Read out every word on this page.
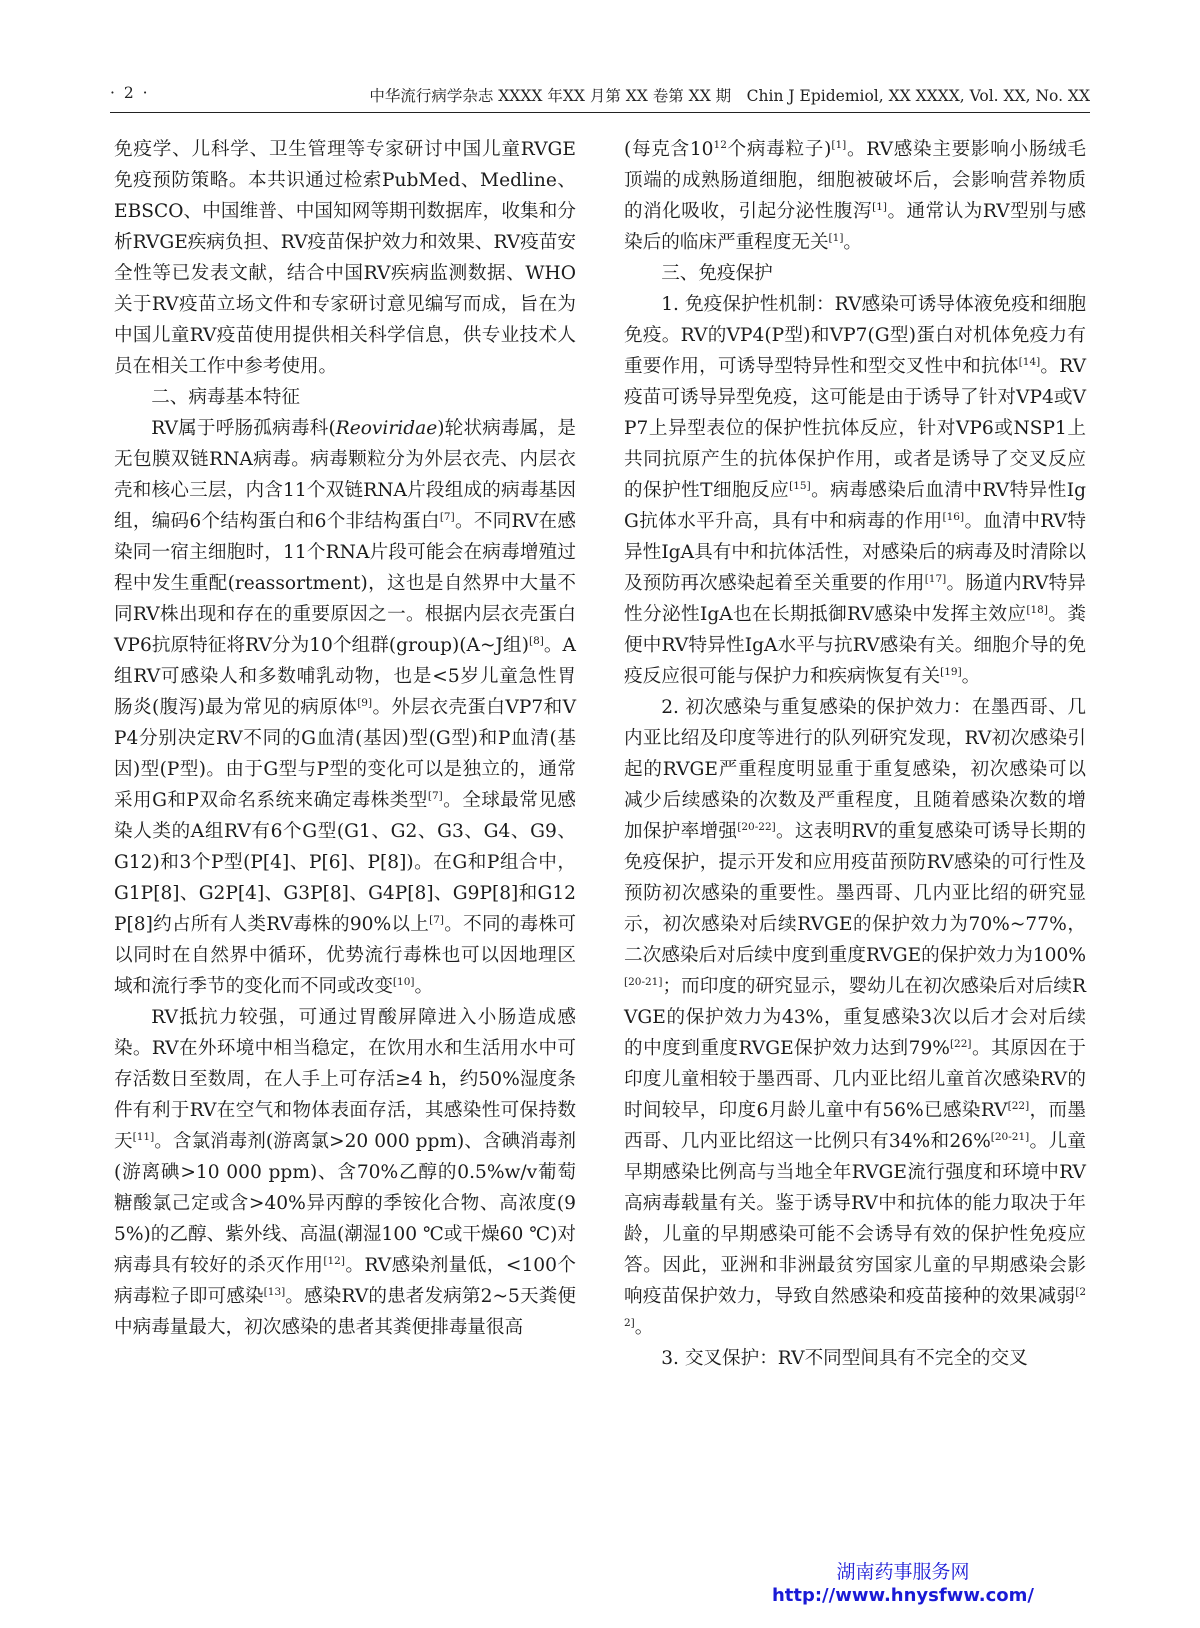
· 2 ·	中华流行病学杂志 XXXX 年XX 月第 XX 卷第 XX 期　Chin J Epidemiol, XX XXXX, Vol. XX, No. XX

免疫学、儿科学、卫生管理等专家研讨中国儿童RVGE免疫预防策略。本共识通过检索PubMed、Medline、EBSCO、中国维普、中国知网等期刊数据库，收集和分析RVGE疾病负担、RV疫苗保护效力和效果、RV疫苗安全性等已发表文献，结合中国RV疾病监测数据、WHO关于RV疫苗立场文件和专家研讨意见编写而成，旨在为中国儿童RV疫苗使用提供相关科学信息，供专业技术人员在相关工作中参考使用。

二、病毒基本特征

RV属于呼肠孤病毒科(Reoviridae)轮状病毒属，是无包膜双链RNA病毒。病毒颗粒分为外层衣壳、内层衣壳和核心三层，内含11个双链RNA片段组成的病毒基因组，编码6个结构蛋白和6个非结构蛋白[7]。不同RV在感染同一宿主细胞时，11个RNA片段可能会在病毒增殖过程中发生重配(reassortment)，这也是自然界中大量不同RV株出现和存在的重要原因之一。根据内层衣壳蛋白VP6抗原特征将RV分为10个组群(group)(A~J组)[8]。A组RV可感染人和多数哺乳动物，也是<5岁儿童急性胃肠炎(腹泻)最为常见的病原体[9]。外层衣壳蛋白VP7和VP4分别决定RV不同的G血清(基因)型(G型)和P血清(基因)型(P型)。由于G型与P型的变化可以是独立的，通常采用G和P双命名系统来确定毒株类型[7]。全球最常见感染人类的A组RV有6个G型(G1、G2、G3、G4、G9、G12)和3个P型(P[4]、P[6]、P[8])。在G和P组合中，G1P[8]、G2P[4]、G3P[8]、G4P[8]、G9P[8]和G12P[8]约占所有人类RV毒株的90%以上[7]。不同的毒株可以同时在自然界中循环，优势流行毒株也可以因地理区域和流行季节的变化而不同或改变[10]。

RV抵抗力较强，可通过胃酸屏障进入小肠造成感染。RV在外环境中相当稳定，在饮用水和生活用水中可存活数日至数周，在人手上可存活≥4 h，约50%湿度条件有利于RV在空气和物体表面存活，其感染性可保持数天[11]。含氯消毒剂(游离氯>20 000 ppm)、含碘消毒剂(游离碘>10 000 ppm)、含70%乙醇的0.5%w/v葡萄糖酸氯己定或含>40%异丙醇的季铵化合物、高浓度(95%)的乙醇、紫外线、高温(潮湿100 ℃或干燥60 ℃)对病毒具有较好的杀灭作用[12]。RV感染剂量低，<100个病毒粒子即可感染[13]。感染RV的患者发病第2~5天粪便中病毒量最大，初次感染的患者其粪便排毒量很高

(每克含$10^{12}$个病毒粒子)[1]。RV感染主要影响小肠绒毛顶端的成熟肠道细胞，细胞被破坏后，会影响营养物质的消化吸收，引起分泌性腹泻[1]。通常认为RV型别与感染后的临床严重程度无关[1]。

三、免疫保护

1. 免疫保护性机制：RV感染可诱导体液免疫和细胞免疫。RV的VP4(P型)和VP7(G型)蛋白对机体免疫力有重要作用，可诱导型特异性和型交叉性中和抗体[14]。RV疫苗可诱导异型免疫，这可能是由于诱导了针对VP4或VP7上异型表位的保护性抗体反应，针对VP6或NSP1上共同抗原产生的抗体保护作用，或者是诱导了交叉反应的保护性T细胞反应[15]。病毒感染后血清中RV特异性IgG抗体水平升高，具有中和病毒的作用[16]。血清中RV特异性IgA具有中和抗体活性，对感染后的病毒及时清除以及预防再次感染起着至关重要的作用[17]。肠道内RV特异性分泌性IgA也在长期抵御RV感染中发挥主效应[18]。粪便中RV特异性IgA水平与抗RV感染有关。细胞介导的免疫反应很可能与保护力和疾病恢复有关[19]。

2. 初次感染与重复感染的保护效力：在墨西哥、几内亚比绍及印度等进行的队列研究发现，RV初次感染引起的RVGE严重程度明显重于重复感染，初次感染可以减少后续感染的次数及严重程度，且随着感染次数的增加保护率增强[20-22]。这表明RV的重复感染可诱导长期的免疫保护，提示开发和应用疫苗预防RV感染的可行性及预防初次感染的重要性。墨西哥、几内亚比绍的研究显示，初次感染对后续RVGE的保护效力为70%~77%，二次感染后对后续中度到重度RVGE的保护效力为100%[20-21]；而印度的研究显示，婴幼儿在初次感染后对后续RVGE的保护效力为43%，重复感染3次以后才会对后续的中度到重度RVGE保护效力达到79%[22]。其原因在于印度儿童相较于墨西哥、几内亚比绍儿童首次感染RV的时间较早，印度6月龄儿童中有56%已感染RV[22]，而墨西哥、几内亚比绍这一比例只有34%和26%[20-21]。儿童早期感染比例高与当地全年RVGE流行强度和环境中RV高病毒载量有关。鉴于诱导RV中和抗体的能力取决于年龄，儿童的早期感染可能不会诱导有效的保护性免疫应答。因此，亚洲和非洲最贫穷国家儿童的早期感染会影响疫苗保护效力，导致自然感染和疫苗接种的效果减弱[22]。

3. 交叉保护：RV不同型间具有不完全的交叉

湖南药事服务网
http://www.hnysfww.com/
